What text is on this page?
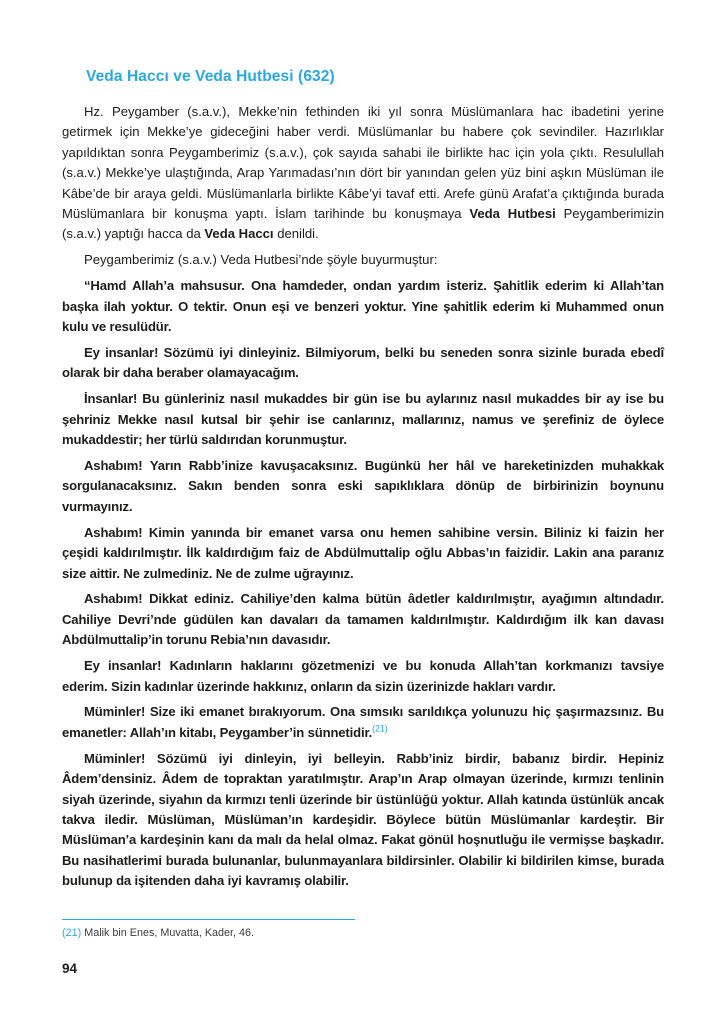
Veda Haccı ve Veda Hutbesi (632)

Hz. Peygamber (s.a.v.), Mekke’nin fethinden iki yıl sonra Müslümanlara hac ibadetini yerine getirmek için Mekke’ye gideceğini haber verdi. Müslümanlar bu habere çok sevindiler. Hazırlıklar yapıldıktan sonra Peygamberimiz (s.a.v.), çok sayıda sahabi ile birlikte hac için yola çıktı. Resulullah (s.a.v.) Mekke’ye ulaştığında, Arap Yarımadası’nın dört bir yanından gelen yüz bini aşkın Müslüman ile Kâbe’de bir araya geldi. Müslümanlarla birlikte Kâbe’yi tavaf etti. Arefe günü Arafat’a çıktığında burada Müslümanlara bir konuşma yaptı. İslam tarihinde bu konuşmaya Veda Hutbesi Peygamberimizin (s.a.v.) yaptığı hacca da Veda Haccı denildi.

Peygamberimiz (s.a.v.) Veda Hutbesi’nde şöyle buyurmuştur:

“Hamd Allah’a mahsusur. Ona hamdeder, ondan yardım isteriz. Şahitlik ederim ki Allah’tan başka ilah yoktur. O tektir. Onun eşi ve benzeri yoktur. Yine şahitlik ederim ki Muhammed onun kulu ve resulüdür.

Ey insanlar! Sözümü iyi dinleyiniz. Bilmiyorum, belki bu seneden sonra sizinle burada ebedî olarak bir daha beraber olamayacağım.

İnsanlar! Bu günleriniz nasıl mukaddes bir gün ise bu aylarınız nasıl mukaddes bir ay ise bu şehriniz Mekke nasıl kutsal bir şehir ise canlarınız, mallarınız, namus ve şerefiniz de öylece mukaddestir; her türlü saldırıdan korunmuştur.

Ashabım! Yarın Rabb’inize kavuşacaksınız. Bugünkü her hâl ve hareketinizden muhakkak sorgulanacaksınız. Sakın benden sonra eski sapıklıklara dönüp de birbirinizin boynunu vurmayınız.

Ashabım! Kimin yanında bir emanet varsa onu hemen sahibine versin. Biliniz ki faizin her çeşidi kaldırılmıştır. İlk kaldırdığım faiz de Abdülmuttalip oğlu Abbas’ın faizidir. Lakin ana paranız size aittir. Ne zulmediniz. Ne de zulme uğrayınız.

Ashabım! Dikkat ediniz. Cahiliye’den kalma bütün âdetler kaldırılmıştır, ayağımın altındadır. Cahiliye Devri’nde güdülen kan davaları da tamamen kaldırılmıştır. Kaldırdığım ilk kan davası Abdülmuttalip’in torunu Rebia’nın davasıdır.

Ey insanlar! Kadınların haklarını gözetmenizi ve bu konuda Allah’tan korkmanızı tavsiye ederim. Sizin kadınlar üzerinde hakkınız, onların da sizin üzerinizde hakları vardır.

Müminler! Size iki emanet bırakıyorum. Ona sımsıkı sarıldıkça yolunuzu hiç şaşırmazsınız. Bu emanetler: Allah’ın kitabı, Peygamber’in sünnetidir.$^{(21)}$

Müminler! Sözümü iyi dinleyin, iyi belleyin. Rabb’iniz birdir, babanız birdir. Hepiniz Âdem’densiniz. Âdem de topraktan yaratılmıştır. Arap’ın Arap olmayan üzerinde, kırmızı tenlinin siyah üzerinde, siyahın da kırmızı tenli üzerinde bir üstünlüğü yoktur. Allah katında üstünlük ancak takva iledir. Müslüman, Müslüman’ın kardeşidir. Böylece bütün Müslümanlar kardeştir. Bir Müslüman’a kardeşinin kanı da malı da helal olmaz. Fakat gönül hoşnutluğu ile vermişse başkadır. Bu nasihatlerimi burada bulunanlar, bulunmayanlara bildirsinler. Olabilir ki bildirilen kimse, burada bulunup da işitenden daha iyi kavramış olabilir.

(21) Malik bin Enes, Muvatta, Kader, 46.
94
